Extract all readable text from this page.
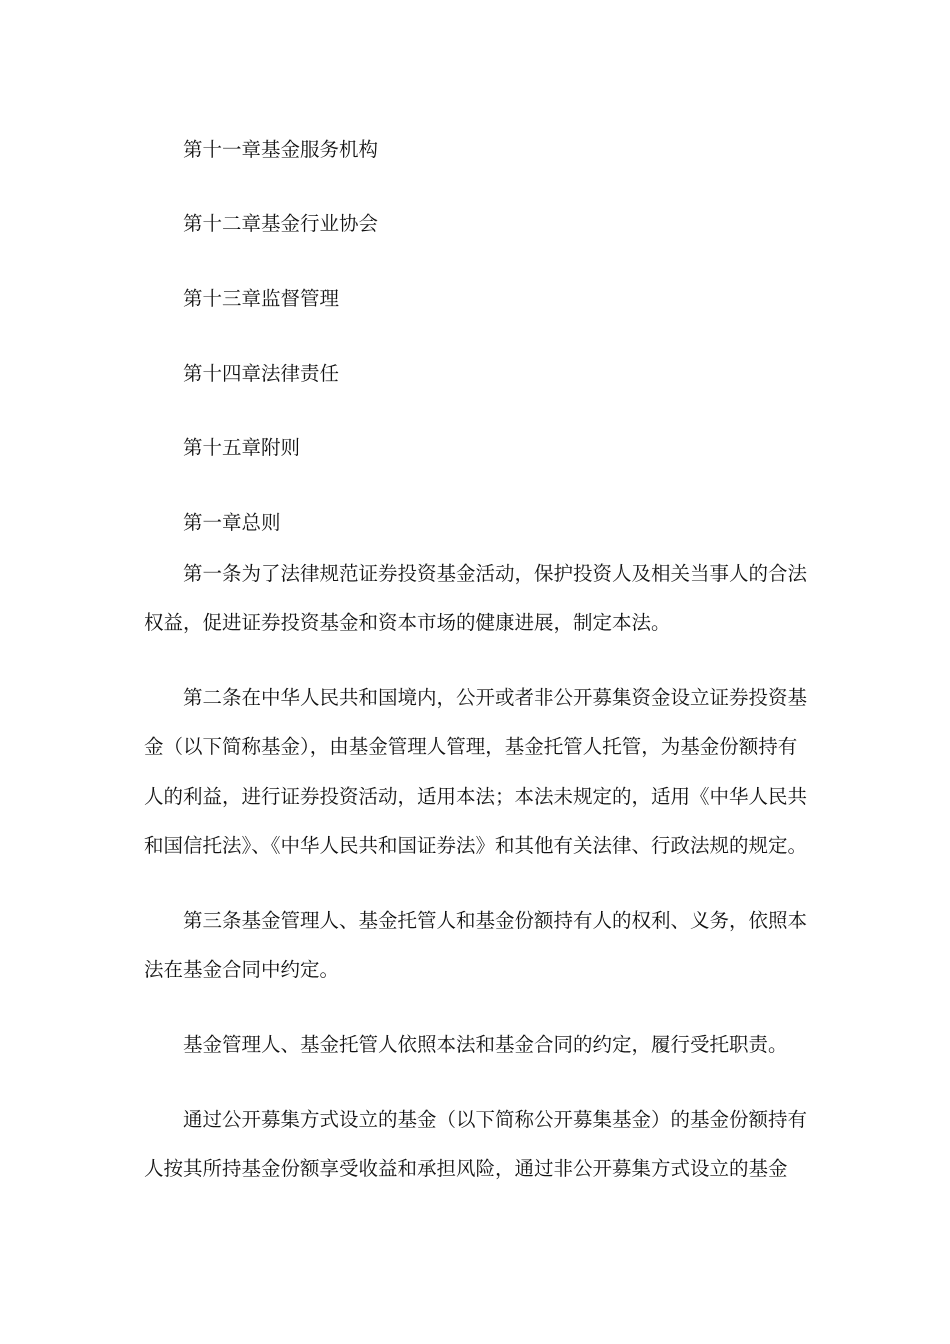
第十一章基金服务机构
第十二章基金行业协会
第十三章监督管理
第十四章法律责任
第十五章附则
第一章总则
第一条为了法律规范证券投资基金活动，保护投资人及相关当事人的合法
权益，促进证券投资基金和资本市场的健康进展，制定本法。
第二条在中华人民共和国境内，公开或者非公开募集资金设立证券投资基
金（以下简称基金），由基金管理人管理，基金托管人托管，为基金份额持有
人的利益，进行证券投资活动，适用本法；本法未规定的，适用《中华人民共
和国信托法》、《中华人民共和国证券法》和其他有关法律、行政法规的规定。
第三条基金管理人、基金托管人和基金份额持有人的权利、义务，依照本
法在基金合同中约定。
基金管理人、基金托管人依照本法和基金合同的约定，履行受托职责。
通过公开募集方式设立的基金（以下简称公开募集基金）的基金份额持有
人按其所持基金份额享受收益和承担风险，通过非公开募集方式设立的基金
